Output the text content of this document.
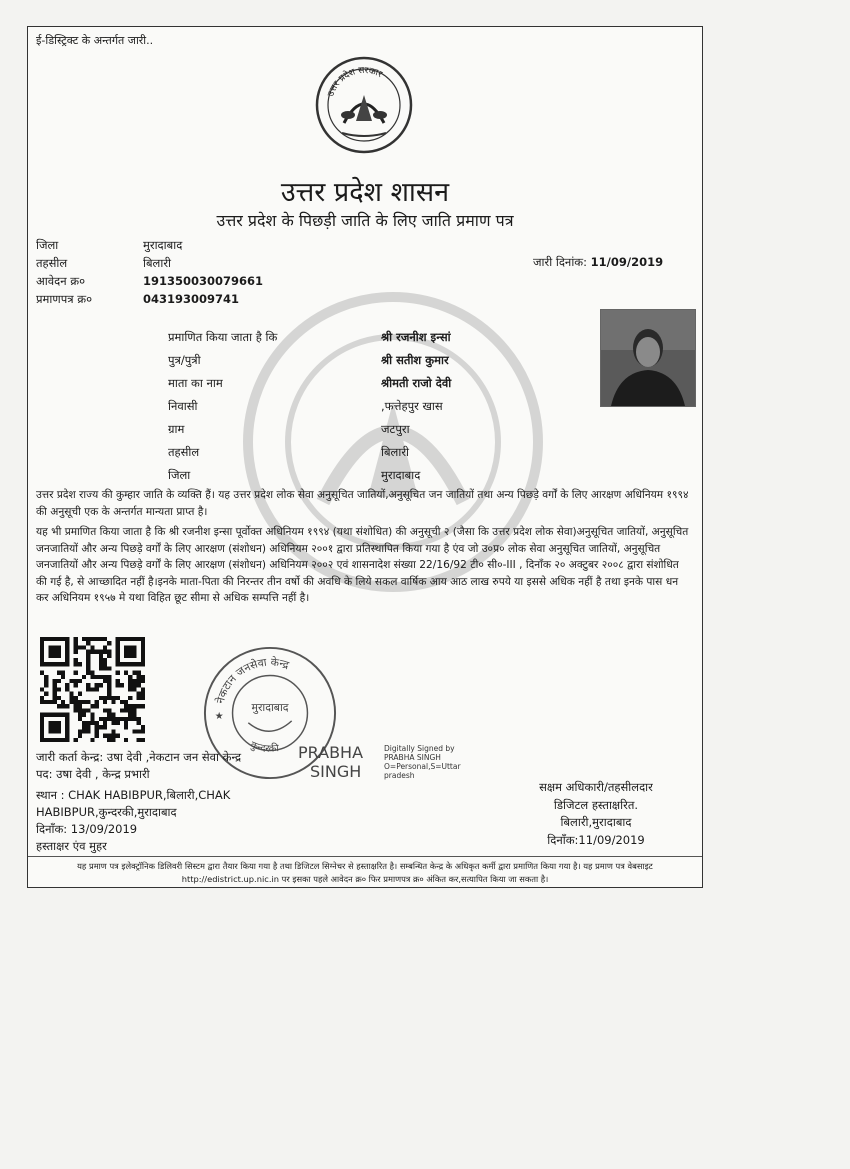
ई-डिस्ट्रिक्ट के अन्तर्गत जारी..
उत्तर प्रदेश सरकार
उत्तर प्रदेश शासन
उत्तर प्रदेश के पिछड़ी जाति के लिए जाति प्रमाण पत्र
जिला	मुरादाबाद
तहसील	बिलारी
आवेदन क्र०	191350030079661
प्रमाणपत्र क्र०	043193009741
जारी दिनांक: 11/09/2019
प्रमाणित किया जाता है कि	श्री रजनीश इन्सां
पुत्र/पुत्री	श्री सतीश कुमार
माता का नाम	श्रीमती राजो देवी
निवासी	,फत्तेहपुर खास
ग्राम	जटपुरा
तहसील	बिलारी
जिला	मुरादाबाद
उत्तर प्रदेश राज्य की कुम्हार जाति के व्यक्ति हैं। यह उत्तर प्रदेश लोक सेवा अनुसूचित जातियों,अनुसूचित जन जातियों तथा अन्य पिछड़े वर्गों के लिए आरक्षण अधिनियम १९९४ की अनुसूची एक के अन्तर्गत मान्यता प्राप्त है।
यह भी प्रमाणित किया जाता है कि श्री रजनीश इन्सा पूर्वोक्त अधिनियम १९९४ (यथा संशोधित) की अनुसूची २ (जैसा कि उत्तर प्रदेश लोक सेवा)अनुसूचित जातियों, अनुसूचित जनजातियों और अन्य पिछड़े वर्गों के लिए आरक्षण (संशोधन) अधिनियम २००१ द्वारा प्रतिस्थापित किया गया है एंव जो उ०प्र० लोक सेवा अनुसूचित जातियों, अनुसूचित जनजातियों और अन्य पिछड़े वर्गों के लिए आरक्षण (संशोधन) अधिनियम २००२ एवं शासनादेश संख्या 22/16/92 टी० सी०-III , दिनाँक २० अक्टुबर २००८ द्वारा संशोधित की गई है, से आच्छादित नहीं है।इनके माता-पिता की निरन्तर तीन वर्षो की अवधि के लिये सकल वार्षिक आय आठ लाख रुपये या इससे अधिक नहीं है तथा इनके पास धन कर अधिनियम १९५७ मे यथा विहित छूट सीमा से अधिक सम्पत्ति नहीं है।
नेकटान जनसेवा केन्द्र
कुन्दरकी
मुरादाबाद
★
PRABHA
SINGH
Digitally Signed by
PRABHA SINGH
O=Personal,S=Uttar
pradesh
जारी कर्ता केन्द्र: उषा देवी ,नेकटान जन सेवा केन्द्र
पद: उषा देवी , केन्द्र प्रभारी
स्थान : CHAK HABIBPUR,बिलारी,CHAK
HABIBPUR,कुन्दरकी,मुरादाबाद
दिनाँक: 13/09/2019
हस्ताक्षर एंव मुहर
सक्षम अधिकारी/तहसीलदार
डिजिटल हस्ताक्षरित.
बिलारी,मुरादाबाद
दिनाँक:11/09/2019
यह प्रमाण पत्र इलेक्ट्रॉनिक डिलिवरी सिस्टम द्वारा तैयार किया गया है तथा डिजिटल सिग्नेचर से हस्ताक्षरित है। सम्बन्धित केन्द्र के अधिकृत कर्मी द्वारा प्रमाणित किया गया है। यह प्रमाण पत्र वेबसाइट http://edistrict.up.nic.in पर इसका पहले आवेदन क्र० फिर प्रमाणपत्र क्र० अंकित कर,सत्यापित किया जा सकता है।
